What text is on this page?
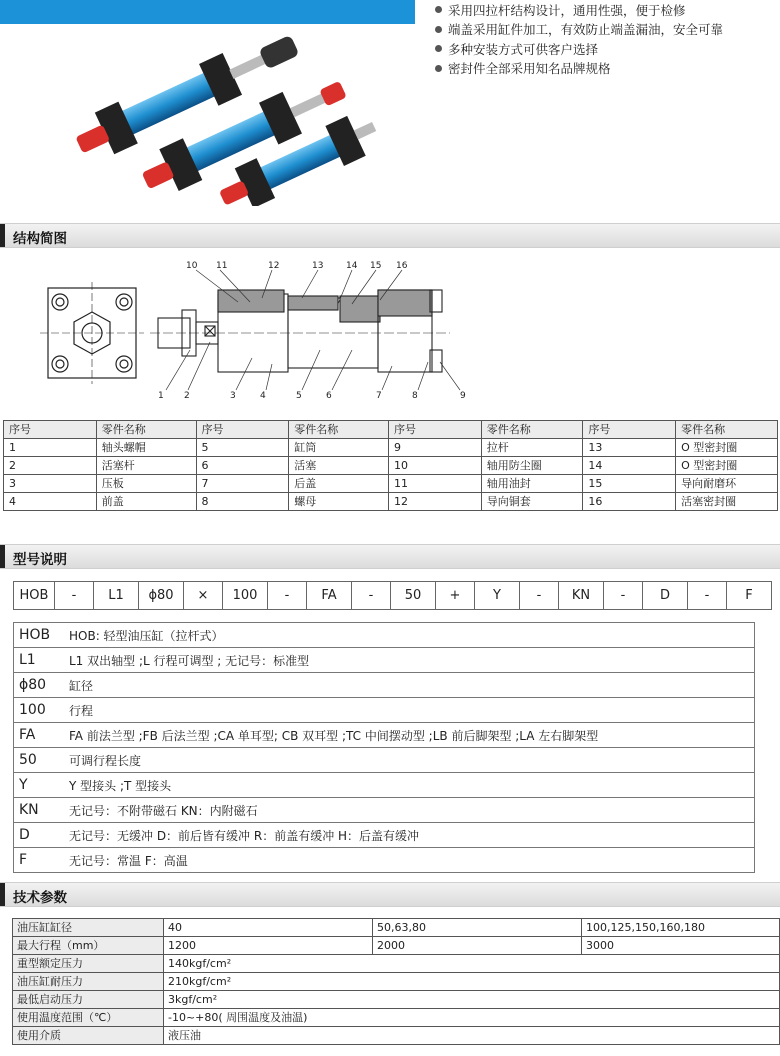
采用四拉杆结构设计，通用性强，便于检修
端盖采用缸件加工，有效防止端盖漏油，安全可靠
多种安装方式可供客户选择
密封件全部采用知名品牌规格
结构简图
10 11	12	13	14 15 16
1 2	3	4	5	6	7	8	9
序号	零件名称	序号	零件名称	序号	零件名称	序号	零件名称
1	轴头螺帽	5	缸筒	9	拉杆	13	O 型密封圈
2	活塞杆	6	活塞	10	轴用防尘圈	14	O 型密封圈
3	压板	7	后盖	11	轴用油封	15	导向耐磨环
4	前盖	8	螺母	12	导向铜套	16	活塞密封圈
型号说明
HOB	-	L1	ϕ80	×	100	-	FA	-	50	+	Y	-	KN	-	D	-	F
HOB	HOB: 轻型油压缸（拉杆式）
L1	L1 双出轴型 ;L 行程可调型 ; 无记号：标准型
ϕ80	缸径
100	行程
FA	FA 前法兰型 ;FB 后法兰型 ;CA 单耳型; CB 双耳型 ;TC 中间摆动型 ;LB 前后脚架型 ;LA 左右脚架型
50	可调行程长度
Y	Y 型接头 ;T 型接头
KN	无记号：不附带磁石 KN：内附磁石
D	无记号：无缓冲 D：前后皆有缓冲 R：前盖有缓冲 H：后盖有缓冲
F	无记号：常温 F：高温
技术参数
油压缸缸径	40	50,63,80	100,125,150,160,180
最大行程（mm）	1200	2000	3000
重型额定压力	140kgf/cm²		
油压缸耐压力	210kgf/cm²		
最低启动压力	3kgf/cm²		
使用温度范围（℃）	-10~+80( 周围温度及油温)		
使用介质	液压油		
